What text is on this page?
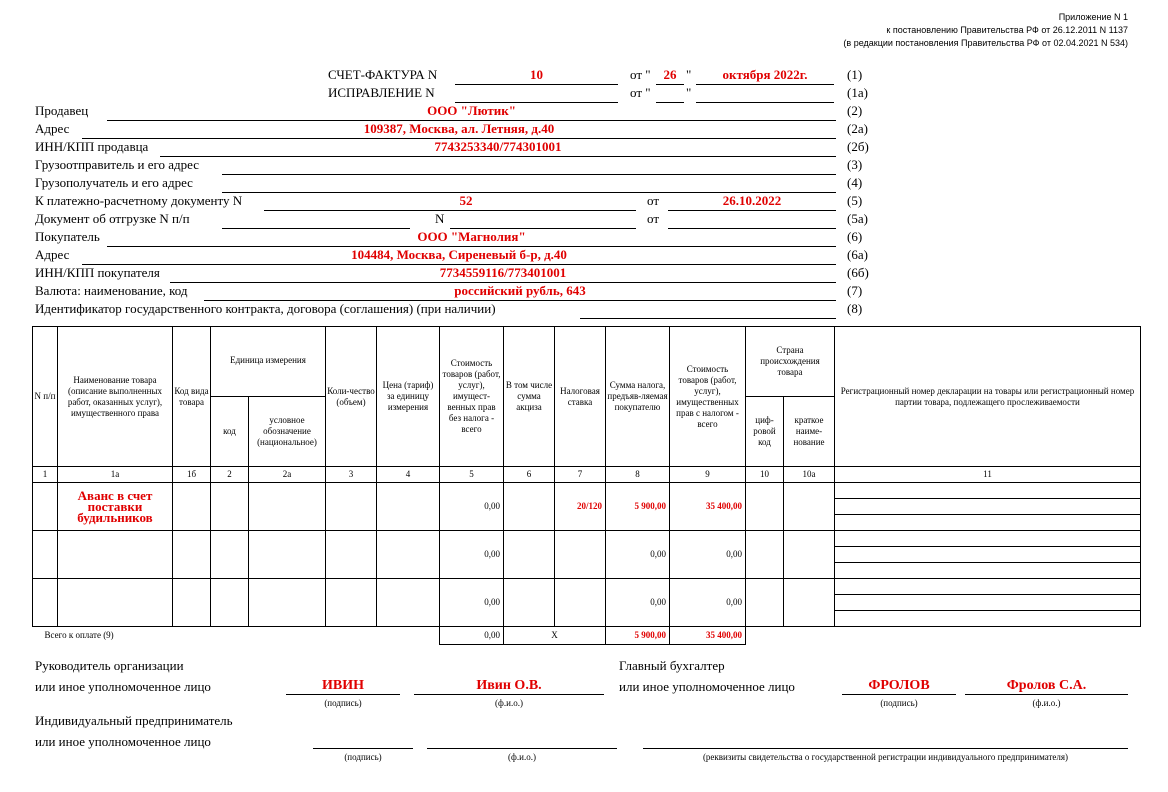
Приложение N 1
к постановлению Правительства РФ от 26.12.2011 N 1137
(в редакции постановления Правительства РФ от 02.04.2021 N 534)
СЧЕТ-ФАКТУРА N	10	от " 26 "	октября 2022г.	(1)
ИСПРАВЛЕНИЕ N	от "	"	(1а)
Продавец	ООО "Лютик"	(2)
Адрес	109387, Москва, ал. Летняя, д.40	(2а)
ИНН/КПП продавца	7743253340/774301001	(2б)
Грузоотправитель и его адрес	(3)
Грузополучатель и его адрес	(4)
К платежно-расчетному документу N	52	от	26.10.2022	(5)
Документ об отгрузке N п/п	N	от	(5а)
Покупатель	ООО "Магнолия"	(6)
Адрес	104484, Москва, Сиреневый б-р, д.40	(6а)
ИНН/КПП покупателя	7734559116/773401001	(6б)
Валюта: наименование, код	российский рубль, 643	(7)
Идентификатор государственного контракта, договора (соглашения) (при наличии)	(8)
N п/п	Наименование товара (описание выполненных работ, оказанных услуг), имущественного права	Код вида товара	Единица измерения		Коли-чество (объем)	Цена (тариф) за единицу измерения	Стоимость товаров (работ, услуг), имущест-венных прав без налога - всего	В том числе сумма акциза	Налоговая ставка	Сумма налога, предъяв-ляемая покупателю	Стоимость товаров (работ, услуг), имущественных прав с налогом - всего	Страна происхождения товара		Регистрационный номер декларации на товары или регистрационный номер партии товара, подлежащего прослеживаемости
			код	условное обозначение (национальное)								циф-ровой код	краткое наиме-нование	
1	1а	1б	2	2а	3	4	5	6	7	8	9	10	10а	11
	Аванс в счет поставки будильников						0,00		20/120	5 900,00	35 400,00			

							0,00			0,00	0,00			

							0,00			0,00	0,00			

Всего к оплате (9)							0,00	Х		5 900,00	35 400,00			
Руководитель организации
или иное уполномоченное лицо	ИВИН
(подпись)
Ивин О.В.
(ф.и.о.)
Главный бухгалтер
или иное уполномоченное лицо	ФРОЛОВ
(подпись)
Фролов С.А.
(ф.и.о.)
Индивидуальный предприниматель
или иное уполномоченное лицо
(подпись)	(ф.и.о.)	(реквизиты свидетельства о государственной регистрации индивидуального предпринимателя)
